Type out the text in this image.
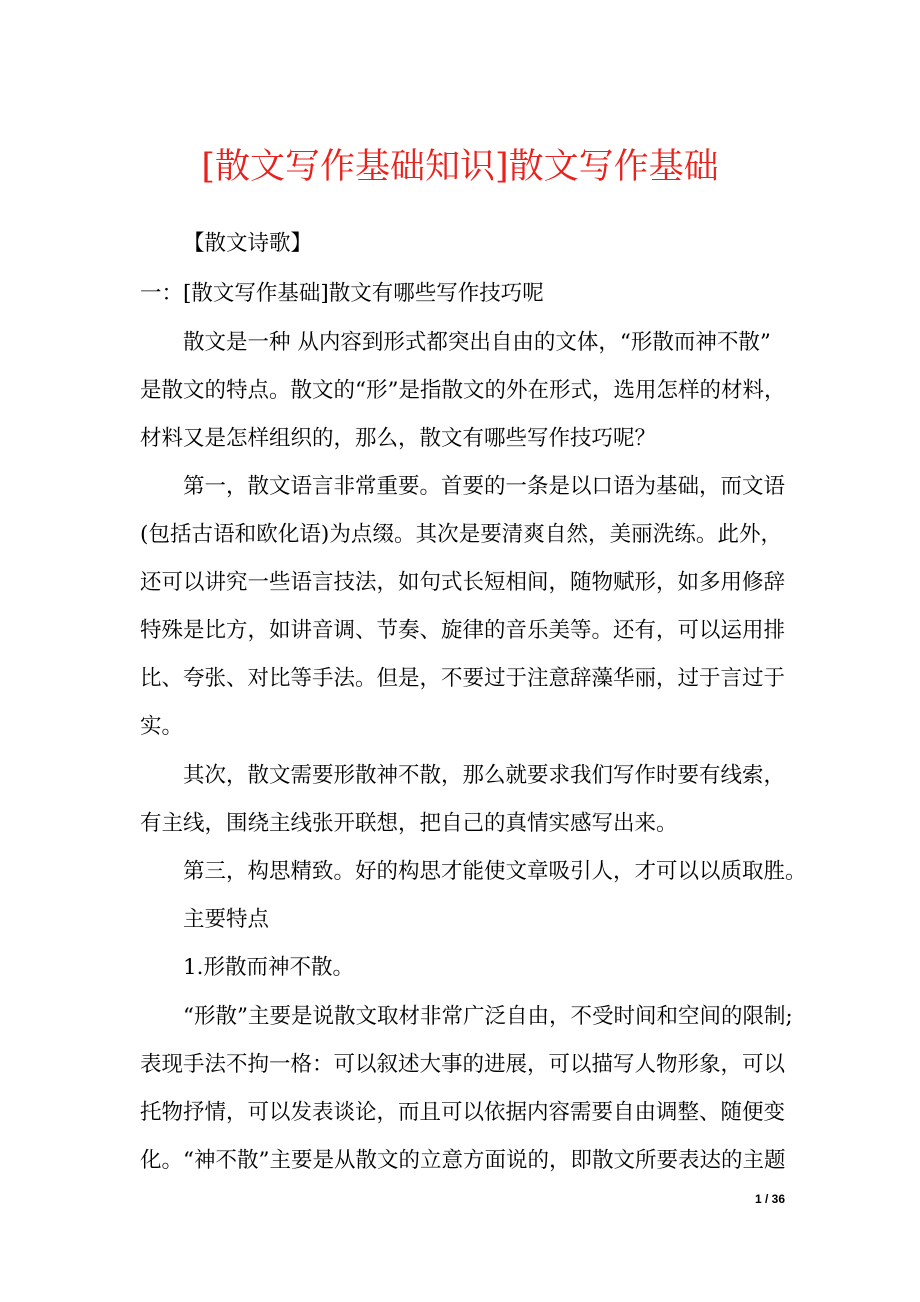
[散文写作基础知识]散文写作基础
【散文诗歌】
一：[散文写作基础]散文有哪些写作技巧呢
散文是一种 从内容到形式都突出自由的文体，“形散而神不散”
是散文的特点。散文的“形”是指散文的外在形式，选用怎样的材料，
材料又是怎样组织的，那么，散文有哪些写作技巧呢？
第一，散文语言非常重要。首要的一条是以口语为基础，而文语
(包括古语和欧化语)为点缀。其次是要清爽自然，美丽洗练。此外，
还可以讲究一些语言技法，如句式长短相间，随物赋形，如多用修辞
特殊是比方，如讲音调、节奏、旋律的音乐美等。还有，可以运用排
比、夸张、对比等手法。但是，不要过于注意辞藻华丽，过于言过于
实。
其次，散文需要形散神不散，那么就要求我们写作时要有线索，
有主线，围绕主线张开联想，把自己的真情实感写出来。
第三，构思精致。好的构思才能使文章吸引人，才可以以质取胜。
主要特点
1.形散而神不散。
“形散”主要是说散文取材非常广泛自由，不受时间和空间的限制;
表现手法不拘一格：可以叙述大事的进展，可以描写人物形象，可以
托物抒情，可以发表谈论，而且可以依据内容需要自由调整、随便变
化。“神不散”主要是从散文的立意方面说的，即散文所要表达的主题
1 / 36
